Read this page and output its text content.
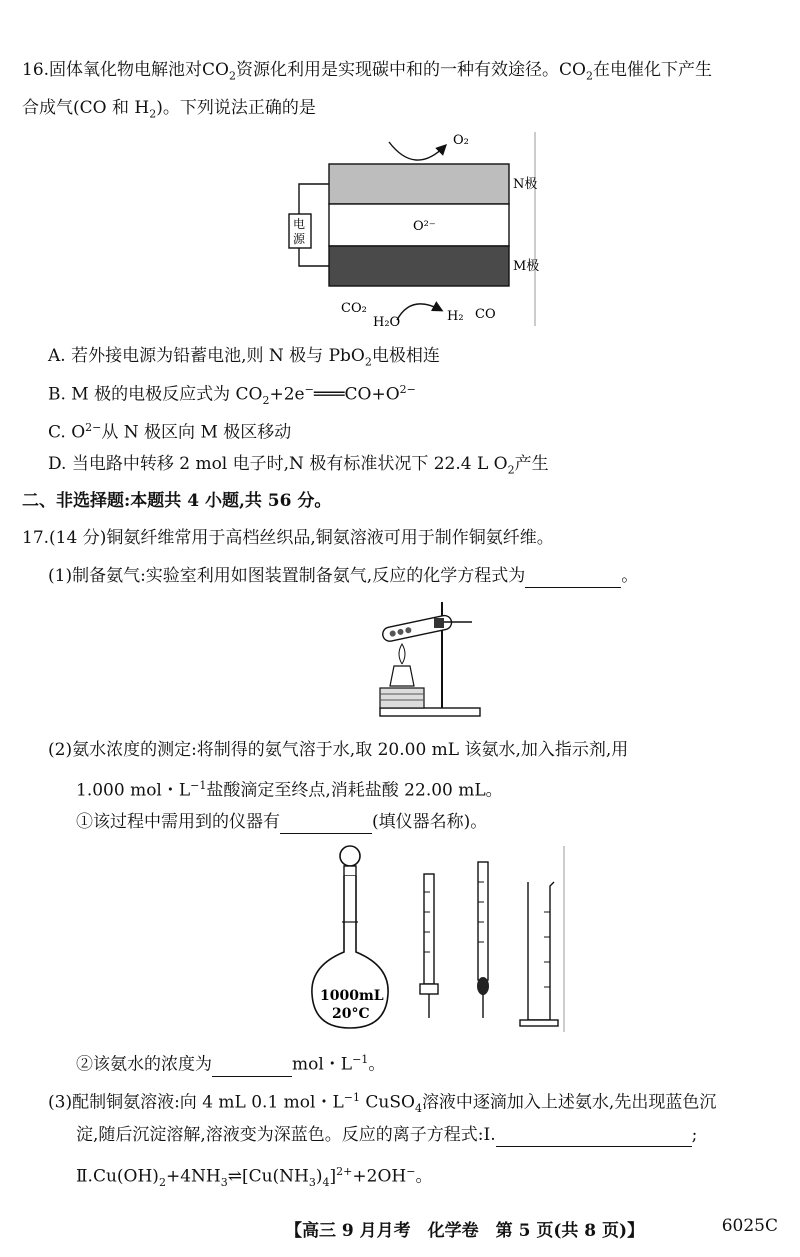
16.固体氧化物电解池对$CO_2$资源化利用是实现碳中和的一种有效途径。$CO_2$在电催化下产生
合成气(CO 和 $H_2$)。下列说法正确的是
O₂
N极
M极
O²⁻
电
源
CO₂
H₂O	H₂ CO
A. 若外接电源为铅蓄电池,则 N 极与 PbO$_2$电极相连
B. M 极的电极反应式为 $CO_2+2e^-═══CO+O^{2-}$
C. $O^{2-}$从 N 极区向 M 极区移动
D. 当电路中转移 2 mol 电子时,N 极有标准状况下 22.4 L $O_2$产生
二、非选择题:本题共 4 小题,共 56 分。
17.(14 分)铜氨纤维常用于高档丝织品,铜氨溶液可用于制作铜氨纤维。
(1)制备氨气:实验室利用如图装置制备氨气,反应的化学方程式为	。
(2)氨水浓度的测定:将制得的氨气溶于水,取 20.00 mL 该氨水,加入指示剂,用
1.000 mol・$L^{-1}$盐酸滴定至终点,消耗盐酸 22.00 mL。
①该过程中需用到的仪器有	(填仪器名称)。
1000mL
20°C
②该氨水的浓度为	mol・$L^{-1}$。
(3)配制铜氨溶液:向 4 mL 0.1 mol・$L^{-1}$ CuSO$_4$溶液中逐滴加入上述氨水,先出现蓝色沉
淀,随后沉淀溶解,溶液变为深蓝色。反应的离子方程式:Ⅰ.	;
$Ⅱ.Cu(OH)_2+4NH_3\rightleftharpoons[Cu(NH_3)_4]^{2+}+2OH^-$。
【高三 9 月月考　化学卷　第 5 页(共 8 页)】	6025C
